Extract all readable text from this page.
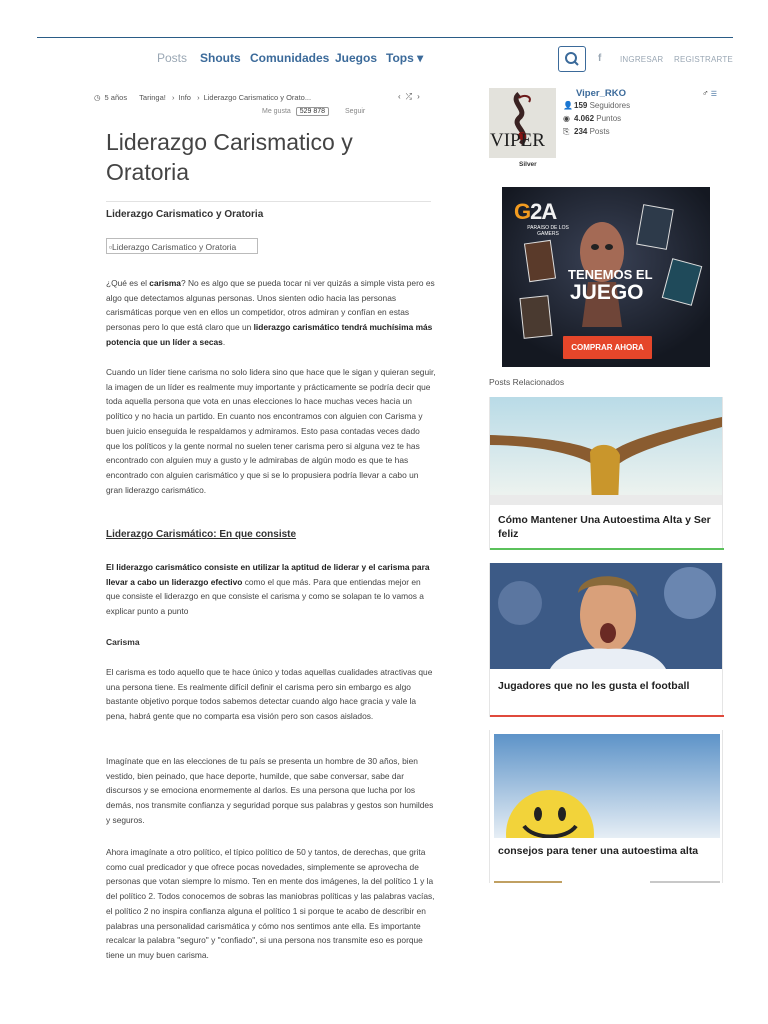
Posts Shouts Comunidades Juegos Tops ▾	f INGRESAR REGISTRARTE
◷ 5 años Taringa! › Info › Liderazgo Carismatico y Orato...	‹⤮›
Me gusta 529 878	Seguir
Liderazgo Carismatico y Oratoria
Liderazgo Carismatico y Oratoria
▫Liderazgo Carismatico y Oratoria
¿Qué es el carisma? No es algo que se pueda tocar ni ver quizás a simple vista pero es algo que detectamos algunas personas. Unos sienten odio hacia las personas carismáticas porque ven en ellos un competidor, otros admiran y confían en estas personas pero lo que está claro que un liderazgo carismático tendrá muchísima más potencia que un líder a secas.
Cuando un líder tiene carisma no solo lidera sino que hace que le sigan y quieran seguir, la imagen de un líder es realmente muy importante y prácticamente se podría decir que toda aquella persona que vota en unas elecciones lo hace muchas veces hacia un político y no hacia un partido. En cuanto nos encontramos con alguien con Carisma y buen juicio enseguida le respaldamos y admiramos. Esto pasa contadas veces dado que los políticos y la gente normal no suelen tener carisma pero si alguna vez te has encontrado con alguien muy a gusto y le admirabas de algún modo es que te has encontrado con alguien carismático y que si se lo propusiera podría llevar a cabo un gran liderazgo carismático.
Liderazgo Carismático: En que consiste
El liderazgo carismático consiste en utilizar la aptitud de liderar y el carisma para llevar a cabo un liderazgo efectivo como el que más. Para que entiendas mejor en que consiste el liderazgo en que consiste el carisma y como se solapan te lo vamos a explicar punto a punto
Carisma
El carisma es todo aquello que te hace único y todas aquellas cualidades atractivas que una persona tiene. Es realmente difícil definir el carisma pero sin embargo es algo bastante objetivo porque todos sabemos detectar cuando algo hace gracia y vale la pena, habrá gente que no comparta esa visión pero son casos aislados.
Imagínate que en las elecciones de tu país se presenta un hombre de 30 años, bien vestido, bien peinado, que hace deporte, humilde, que sabe conversar, sabe dar discursos y se emociona enormemente al darlos. Es una persona que lucha por los demás, nos transmite confianza y seguridad porque sus palabras y gestos son humildes y seguros.
Ahora imagínate a otro político, el típico político de 50 y tantos, de derechas, que grita como cual predicador y que ofrece pocas novedades, simplemente se aprovecha de personas que votan siempre lo mismo. Ten en mente dos imágenes, la del político 1 y la del político 2. Todos conocemos de sobras las maniobras políticas y las palabras vacías, el político 2 no inspira confianza alguna el político 1 si porque te acabo de describir en palabras una personalidad carismática y cómo nos sentimos ante ella. Es importante recalcar la palabra "seguro" y "confiado", si una persona nos transmite eso es porque tiene un muy buen carisma.
VIPER
Silver
Viper_RKO	♂ ☰
👤159 Seguidores
◉ 4.062 Puntos
⎘ 234 Posts
G2A
PARAISO DE LOS GAMERS
TENEMOS EL
JUEGO
COMPRAR AHORA
Posts Relacionados
Cómo Mantener Una Autoestima Alta y Ser feliz
Jugadores que no les gusta el football
consejos para tener una autoestima alta
